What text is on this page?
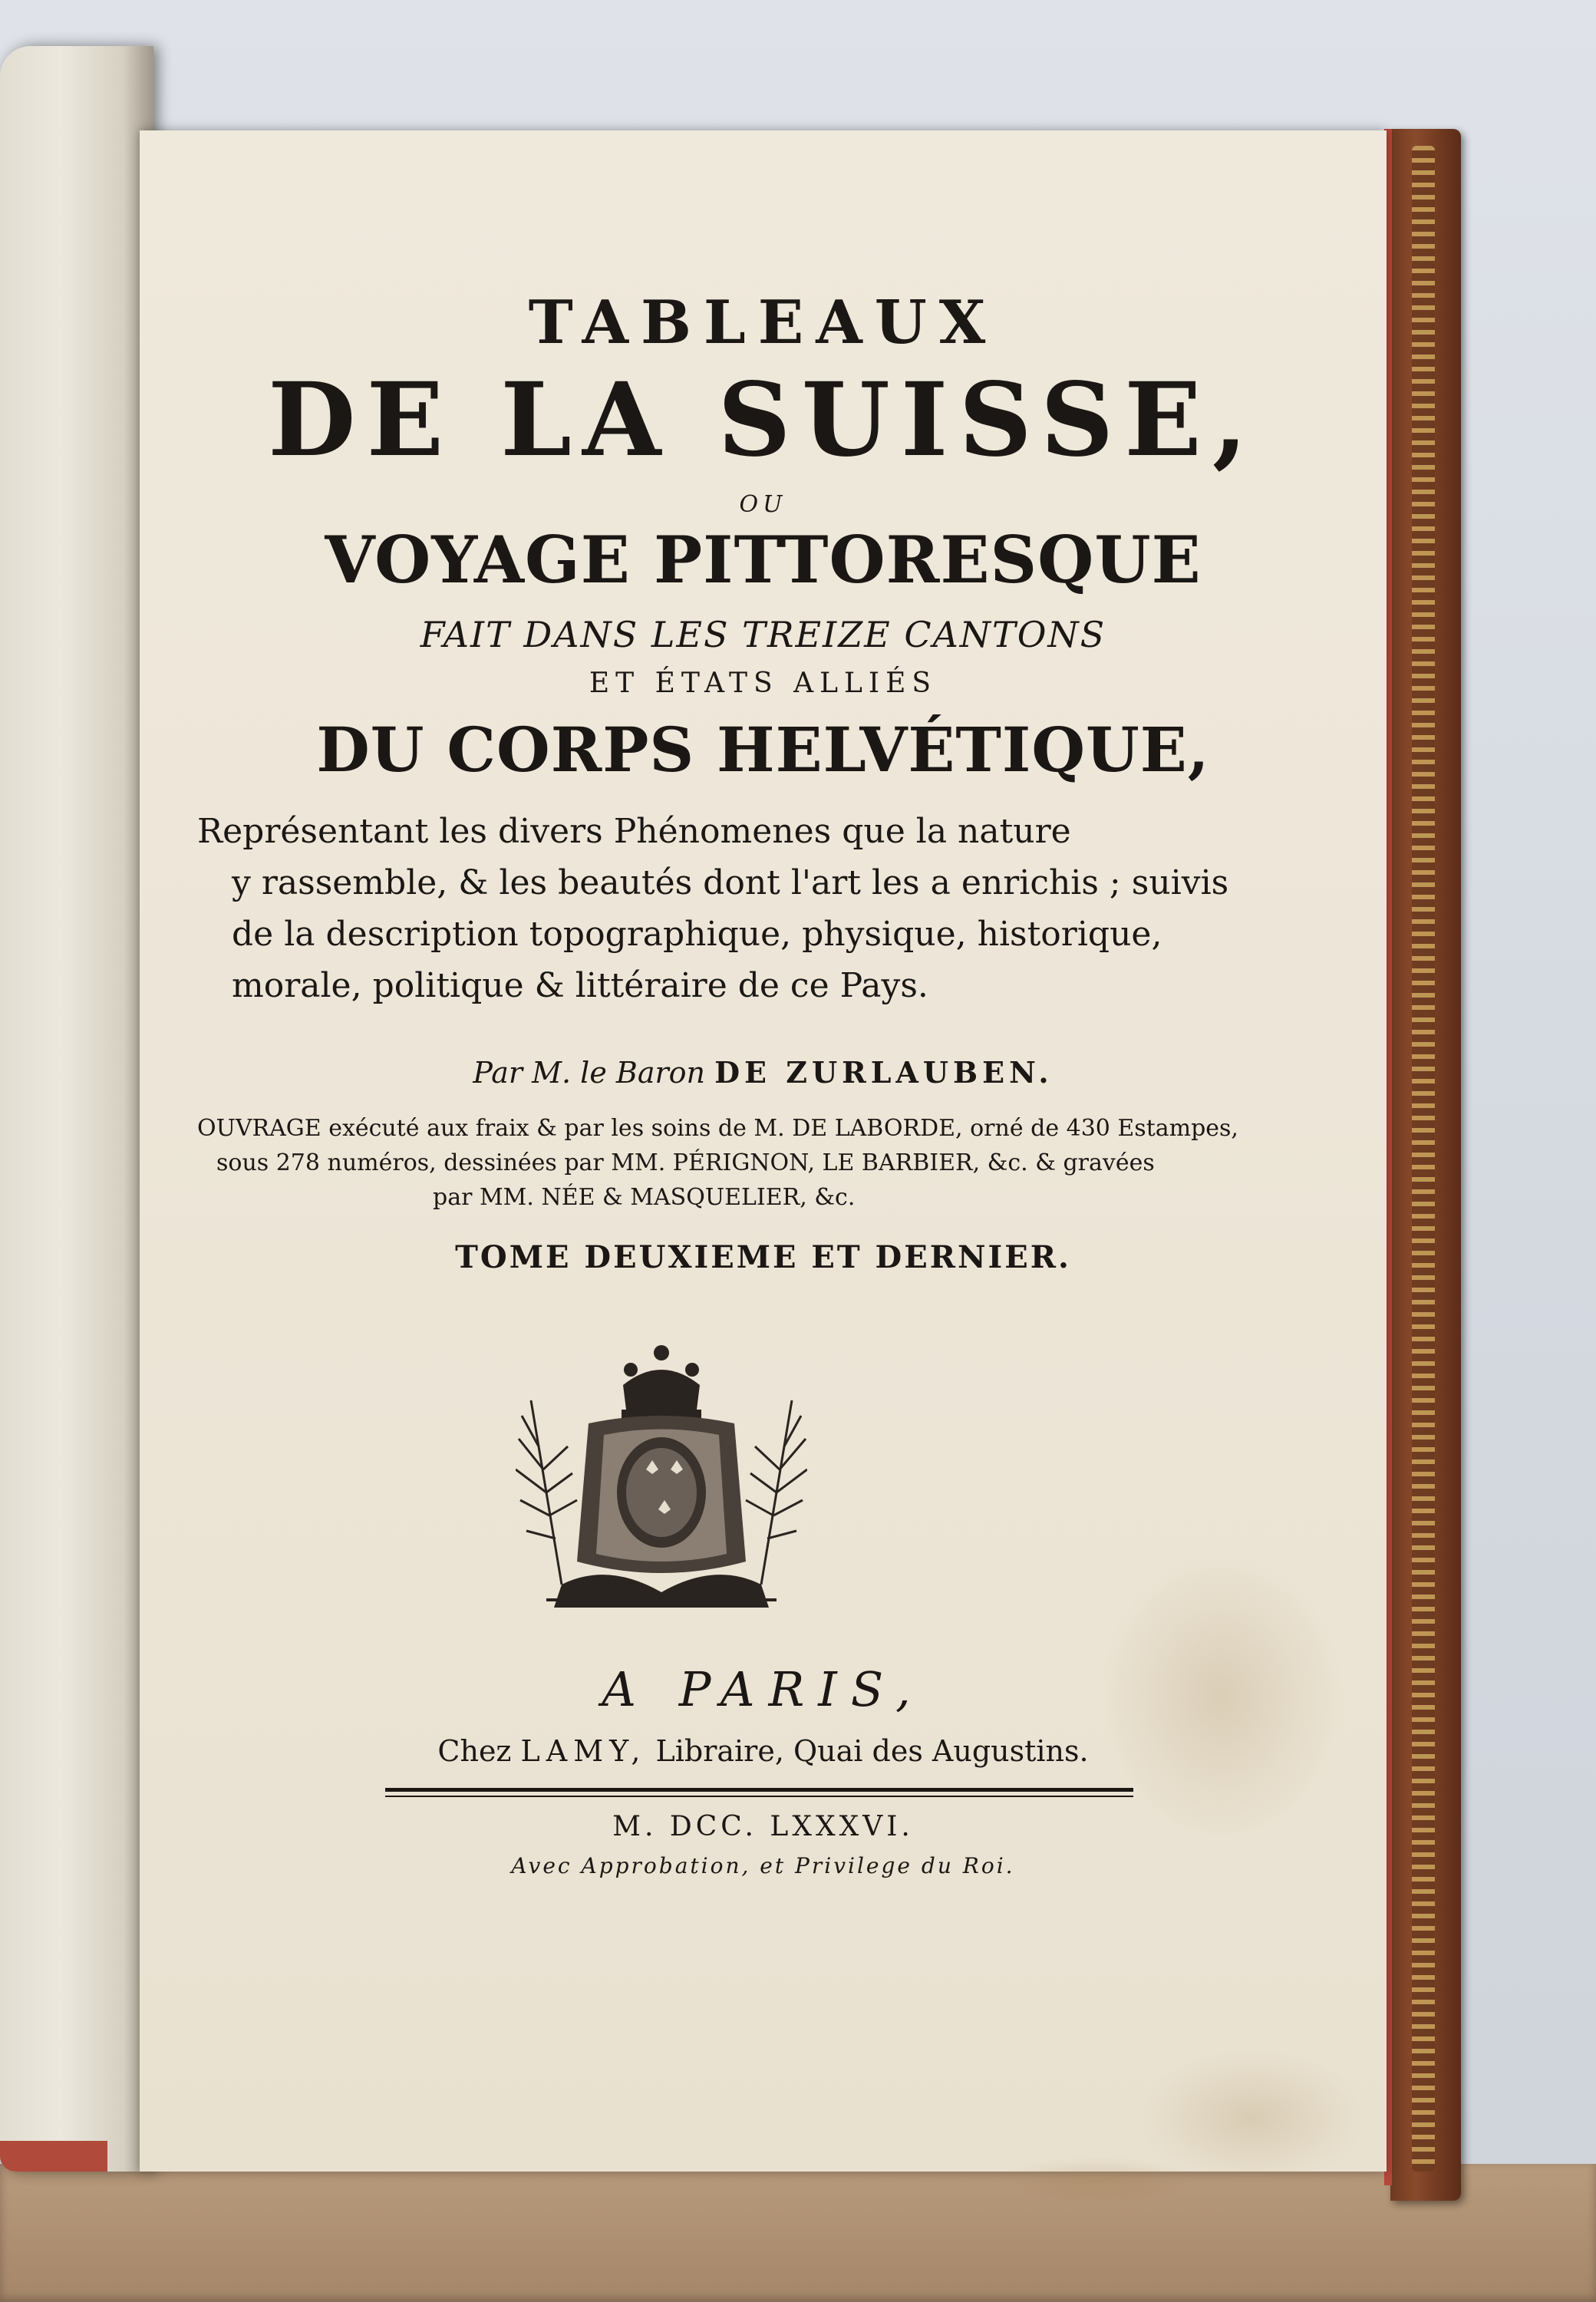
TABLEAUX
DE LA SUISSE,
OU
VOYAGE PITTORESQUE
FAIT DANS LES TREIZE CANTONS
ET ÉTATS ALLIÉS
DU CORPS HELVÉTIQUE,
Représentant les divers Phénomenes que la nature
y rassemble, & les beautés dont l'art les a enrichis ; suivis
de la description topographique, physique, historique,
morale, politique & littéraire de ce Pays.
Par M. le Baron DE ZURLAUBEN.
OUVRAGE exécuté aux fraix & par les soins de M. DE LABORDE, orné de 430 Estampes,
sous 278 numéros, dessinées par MM. PÉRIGNON, LE BARBIER, &c. & gravées
par MM. NÉE & MASQUELIER, &c.
TOME DEUXIEME ET DERNIER.
A PARIS,
Chez LAMY, Libraire, Quai des Augustins.
M. DCC. LXXXVI.
Avec Approbation, et Privilege du Roi.
